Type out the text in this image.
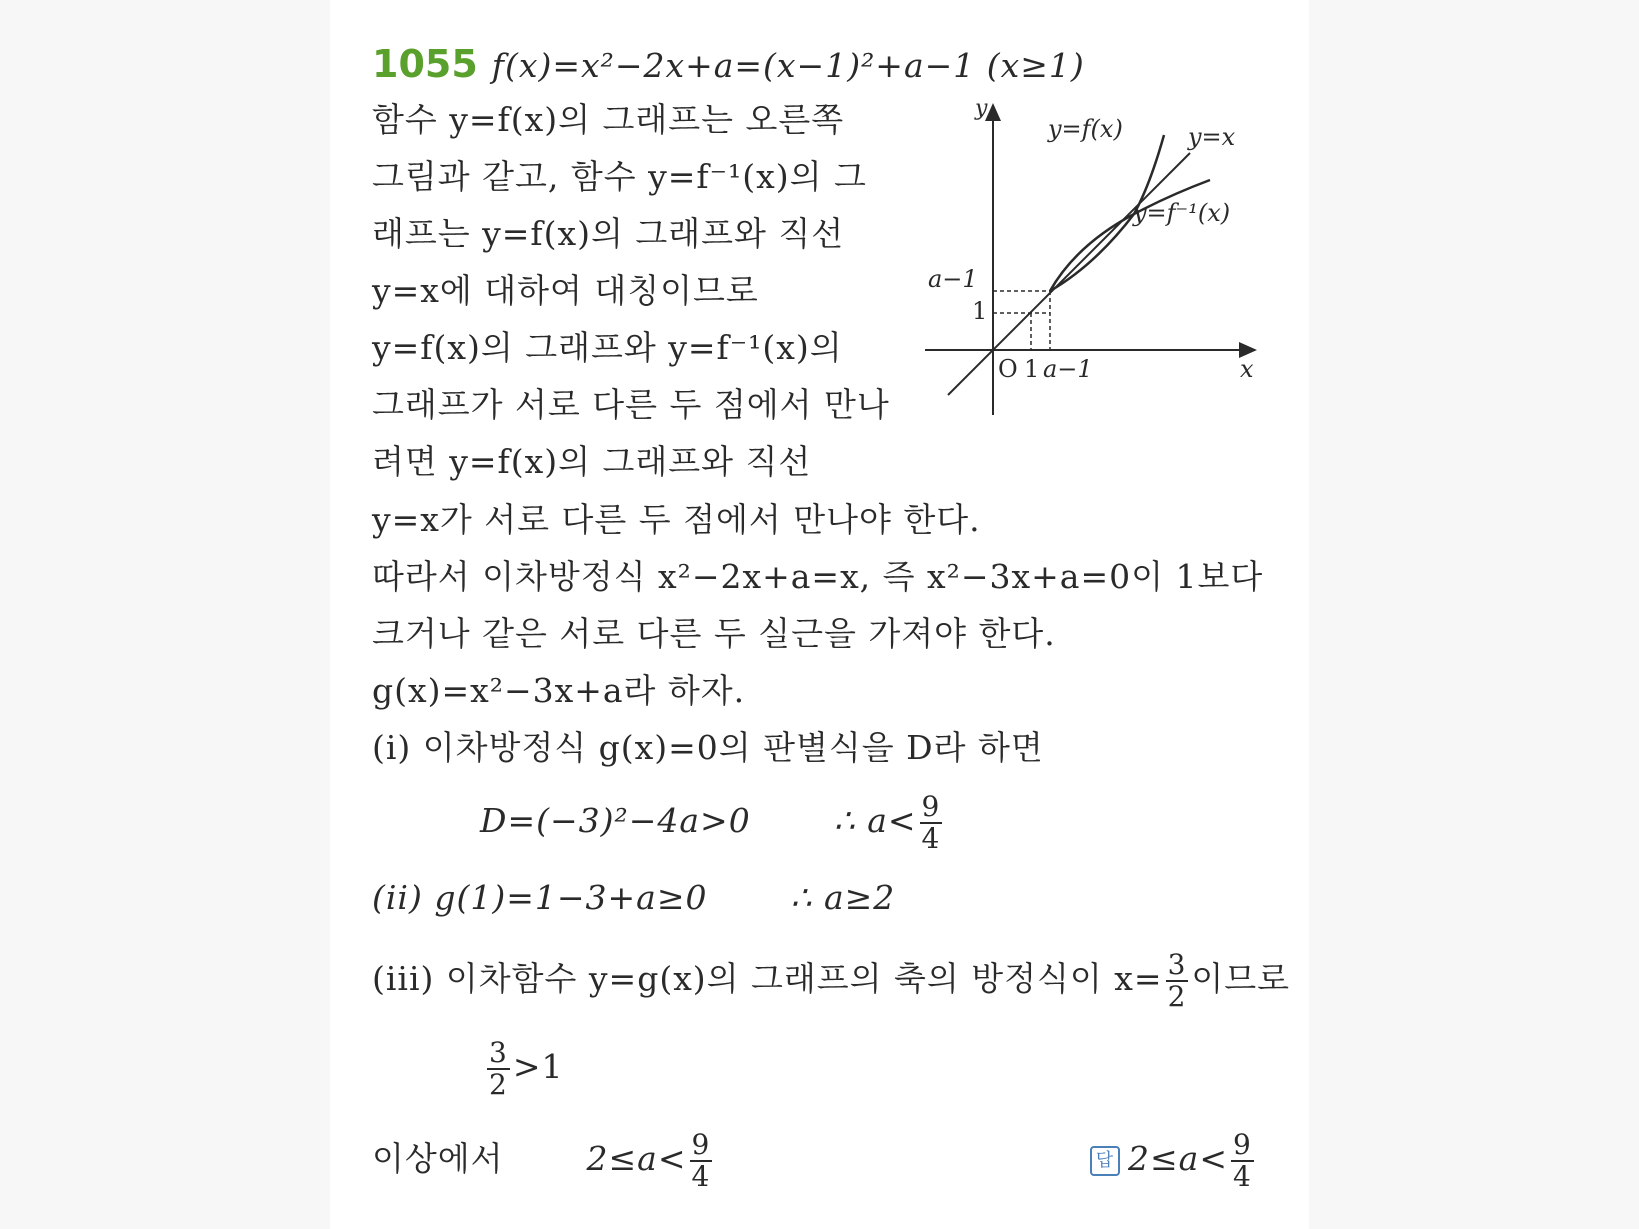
1055 f(x)=x²−2x+a=(x−1)²+a−1 (x≥1)
함수 y=f(x)의 그래프는 오른쪽
그림과 같고, 함수 y=f⁻¹(x)의 그
래프는 y=f(x)의 그래프와 직선
y=x에 대하여 대칭이므로
y=f(x)의 그래프와 y=f⁻¹(x)의
그래프가 서로 다른 두 점에서 만나
려면 y=f(x)의 그래프와 직선
y=x가 서로 다른 두 점에서 만나야 한다.
따라서 이차방정식 x²−2x+a=x, 즉 x²−3x+a=0이 1보다
크거나 같은 서로 다른 두 실근을 가져야 한다.
g(x)=x²−3x+a라 하자.
(i) 이차방정식 g(x)=0의 판별식을 D라 하면
D=(−3)²−4a>0	∴ $a< \frac{9}{4}$
(ii) g(1)=1−3+a≥0	∴ a≥2
(iii) 이차함수 y=g(x)의 그래프의 축의 방정식이 $x= \frac{3}{2}$ 이므로
$\frac{3}{2} >1$
이상에서	$2\le a< \frac{9}{4}$	답 $2\le a< \frac{9}{4}$
y
x
O
y=f(x)	y=x
y=f⁻¹(x)
a−1
1
1 a−1
